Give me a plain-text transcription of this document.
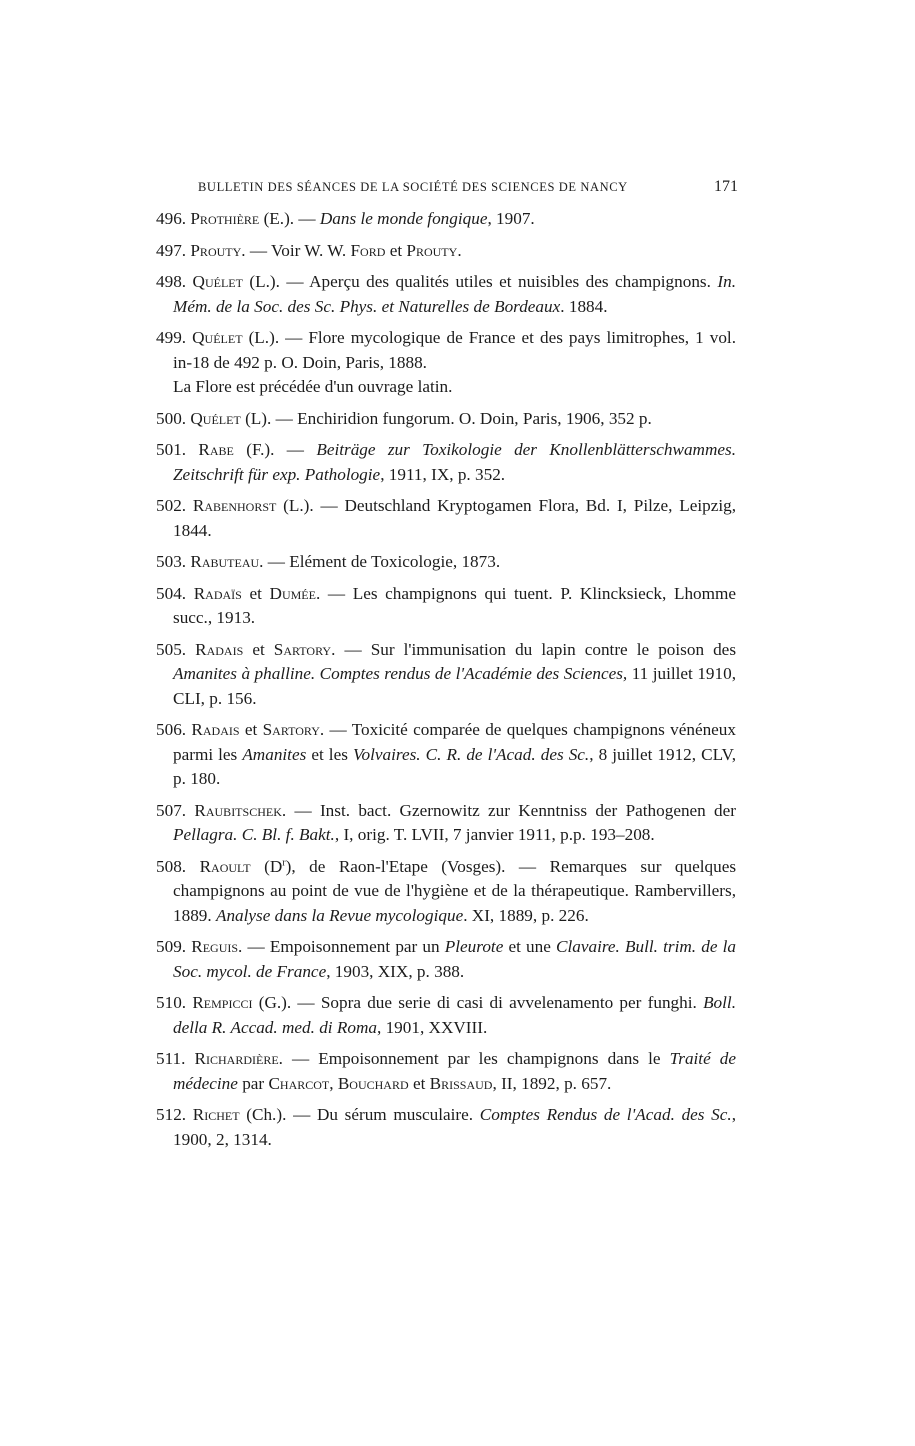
BULLETIN DES SÉANCES DE LA SOCIÉTÉ DES SCIENCES DE NANCY	171

496. Prothière (E.). — Dans le monde fongique, 1907.

497. Prouty. — Voir W. W. Ford et Prouty.

498. Quélet (L.). — Aperçu des qualités utiles et nuisibles des champignons. In. Mém. de la Soc. des Sc. Phys. et Naturelles de Bordeaux. 1884.

499. Quélet (L.). — Flore mycologique de France et des pays limitrophes, 1 vol. in-18 de 492 p. O. Doin, Paris, 1888.
La Flore est précédée d'un ouvrage latin.

500. Quélet (L). — Enchiridion fungorum. O. Doin, Paris, 1906, 352 p.

501. Rabe (F.). — Beiträge zur Toxikologie der Knollenblätterschwammes. Zeitschrift für exp. Pathologie, 1911, IX, p. 352.

502. Rabenhorst (L.). — Deutschland Kryptogamen Flora, Bd. I, Pilze, Leipzig, 1844.

503. Rabuteau. — Elément de Toxicologie, 1873.

504. Radaïs et Dumée. — Les champignons qui tuent. P. Klincksieck, Lhomme succ., 1913.

505. Radais et Sartory. — Sur l'immunisation du lapin contre le poison des Amanites à phalline. Comptes rendus de l'Académie des Sciences, 11 juillet 1910, CLI, p. 156.

506. Radais et Sartory. — Toxicité comparée de quelques champignons vénéneux parmi les Amanites et les Volvaires. C. R. de l'Acad. des Sc., 8 juillet 1912, CLV, p. 180.

507. Raubitschek. — Inst. bact. Gzernowitz zur Kenntniss der Pathogenen der Pellagra. C. Bl. f. Bakt., I, orig. T. LVII, 7 janvier 1911, p.p. 193–208.

508. Raoult $(D^r)$, de Raon-l'Etape (Vosges). — Remarques sur quelques champignons au point de vue de l'hygiène et de la thérapeutique. Rambervillers, 1889. Analyse dans la Revue mycologique. XI, 1889, p. 226.

509. Reguis. — Empoisonnement par un Pleurote et une Clavaire. Bull. trim. de la Soc. mycol. de France, 1903, XIX, p. 388.

510. Rempicci (G.). — Sopra due serie di casi di avvelenamento per funghi. Boll. della R. Accad. med. di Roma, 1901, XXVIII.

511. Richardière. — Empoisonnement par les champignons dans le Traité de médecine par Charcot, Bouchard et Brissaud, II, 1892, p. 657.

512. Richet (Ch.). — Du sérum musculaire. Comptes Rendus de l'Acad. des Sc., 1900, 2, 1314.
